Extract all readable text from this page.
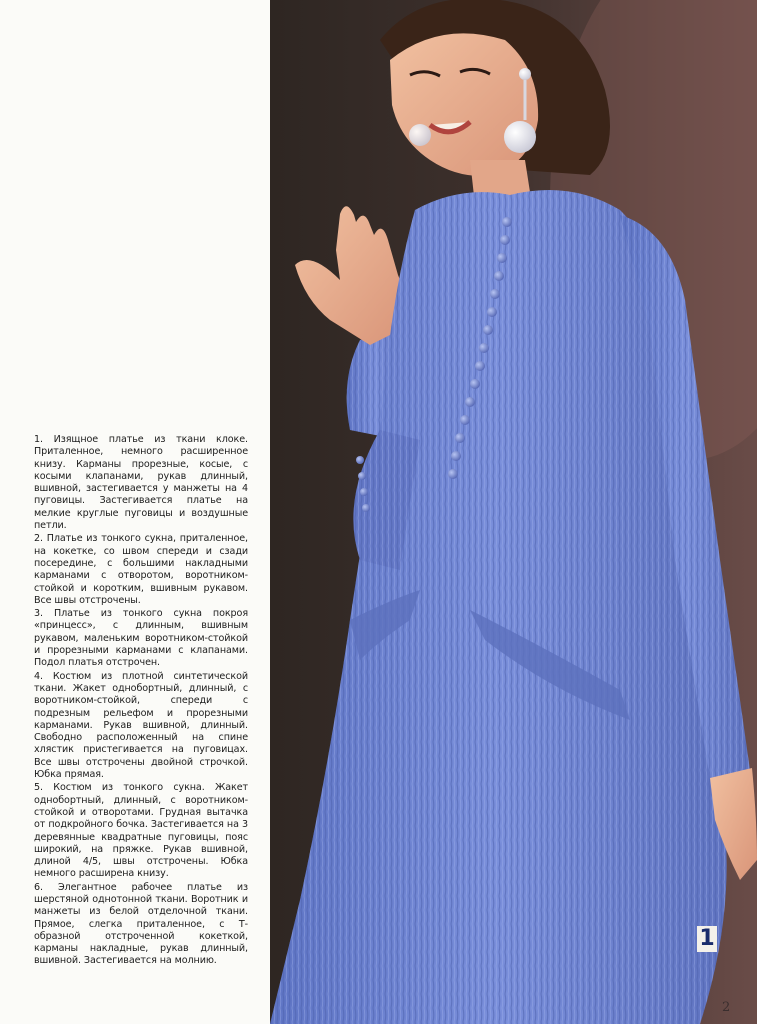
1. Изящное платье из ткани клоке. Приталенное, немного расширенное книзу. Карманы прорезные, косые, с косыми клапанами, рукав длинный, вшивной, застегивается у манжеты на 4 пуговицы. Застегивается платье на мелкие круглые пуговицы и воздушные петли.

2. Платье из тонкого сукна, приталенное, на кокетке, со швом спереди и сзади посередине, с большими накладными карманами с отворотом, воротником-стойкой и коротким, вшивным рукавом. Все швы отстрочены.

3. Платье из тонкого сукна покроя «принцесс», с длинным, вшивным рукавом, маленьким воротником-стойкой и прорезными карманами с клапанами. Подол платья отстрочен.

4. Костюм из плотной синтетической ткани. Жакет однобортный, длинный, с воротником-стойкой, спереди с подрезным рельефом и прорезными карманами. Рукав вшивной, длинный. Свободно расположенный на спине хлястик пристегивается на пуговицах. Все швы отстрочены двойной строчкой. Юбка прямая.

5. Костюм из тонкого сукна. Жакет однобортный, длинный, с воротником-стойкой и отворотами. Грудная вытачка от подкройного бочка. Застегивается на 3 деревянные квадратные пуговицы, пояс широкий, на пряжке. Рукав вшивной, длиной 4/5, швы отстрочены. Юбка немного расширена книзу.

6. Элегантное рабочее платье из шерстяной однотонной ткани. Воротник и манжеты из белой отделочной ткани. Прямое, слегка приталенное, с Т-образной отстроченной кокеткой, карманы накладные, рукав длинный, вшивной. Застегивается на молнию.

1
2
